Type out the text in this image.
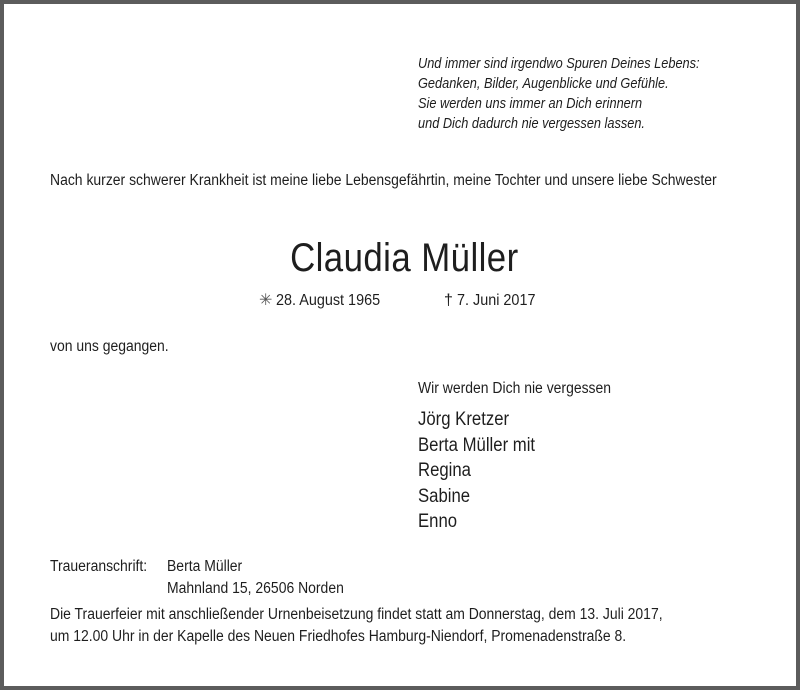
Und immer sind irgendwo Spuren Deines Lebens:
Gedanken, Bilder, Augenblicke und Gefühle.
Sie werden uns immer an Dich erinnern
und Dich dadurch nie vergessen lassen.
Nach kurzer schwerer Krankheit ist meine liebe Lebensgefährtin, meine Tochter und unsere liebe Schwester
Claudia Müller
✳ 28. August 1965	† 7. Juni 2017
von uns gegangen.
Wir werden Dich nie vergessen
Jörg Kretzer
Berta Müller mit
Regina
Sabine
Enno
Traueranschrift: Berta Müller
Mahnland 15, 26506 Norden
Die Trauerfeier mit anschließender Urnenbeisetzung findet statt am Donnerstag, dem 13. Juli 2017,
um 12.00 Uhr in der Kapelle des Neuen Friedhofes Hamburg-Niendorf, Promenadenstraße 8.
